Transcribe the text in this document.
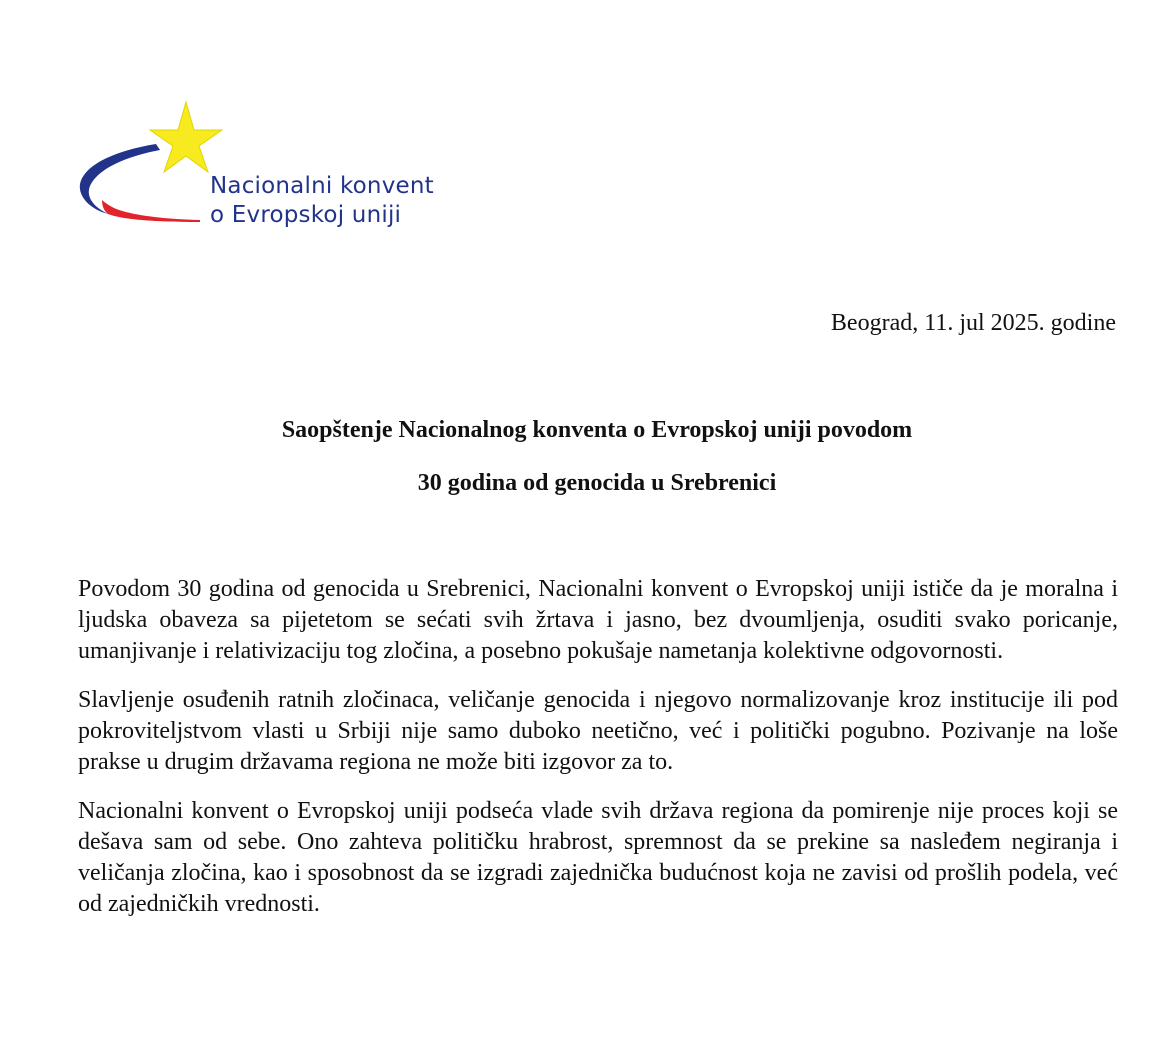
Nacionalni konvent
o Evropskoj uniji
Beograd, 11. jul 2025. godine
Saopštenje Nacionalnog konventa o Evropskoj uniji povodom
30 godina od genocida u Srebrenici

Povodom 30 godina od genocida u Srebrenici, Nacionalni konvent o Evropskoj uniji ističe da je moralna i ljudska obaveza sa pijetetom se sećati svih žrtava i jasno, bez dvoumljenja, osuditi svako poricanje, umanjivanje i relativizaciju tog zločina, a posebno pokušaje nametanja kolektivne odgovornosti.

Slavljenje osuđenih ratnih zločinaca, veličanje genocida i njegovo normalizovanje kroz institucije ili pod pokroviteljstvom vlasti u Srbiji nije samo duboko neetično, već i politički pogubno. Pozivanje na loše prakse u drugim državama regiona ne može biti izgovor za to.

Nacionalni konvent o Evropskoj uniji podseća vlade svih država regiona da pomirenje nije proces koji se dešava sam od sebe. Ono zahteva političku hrabrost, spremnost da se prekine sa nasleđem negiranja i veličanja zločina, kao i sposobnost da se izgradi zajednička budućnost koja ne zavisi od prošlih podela, već od zajedničkih vrednosti.
